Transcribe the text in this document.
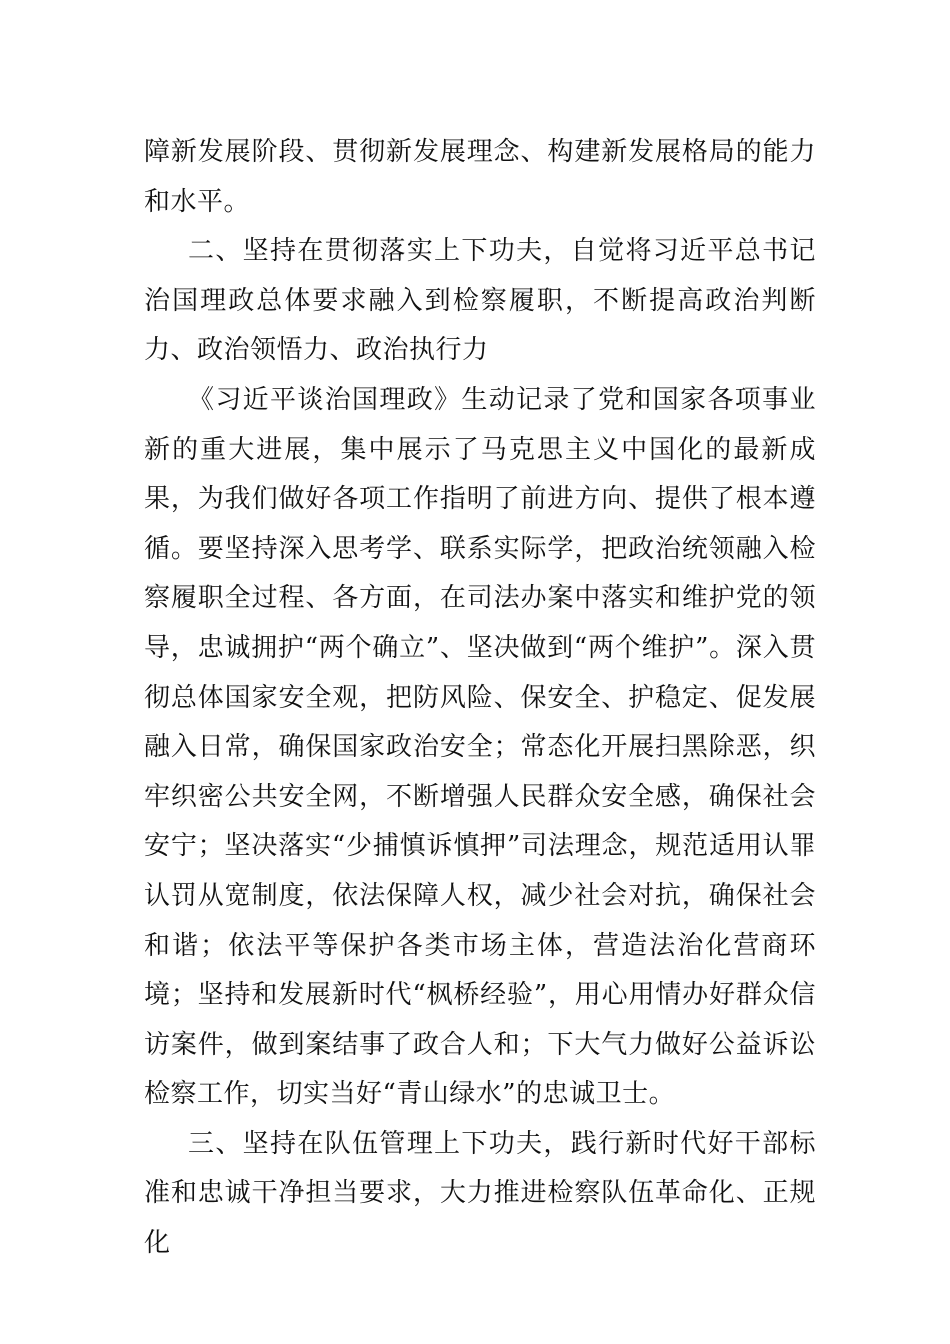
障新发展阶段、贯彻新发展理念、构建新发展格局的能力和水平。

二、坚持在贯彻落实上下功夫，自觉将习近平总书记治国理政总体要求融入到检察履职，不断提高政治判断力、政治领悟力、政治执行力

《习近平谈治国理政》生动记录了党和国家各项事业新的重大进展，集中展示了马克思主义中国化的最新成果，为我们做好各项工作指明了前进方向、提供了根本遵循。要坚持深入思考学、联系实际学，把政治统领融入检察履职全过程、各方面，在司法办案中落实和维护党的领导，忠诚拥护“两个确立”、坚决做到“两个维护”。深入贯彻总体国家安全观，把防风险、保安全、护稳定、促发展融入日常，确保国家政治安全；常态化开展扫黑除恶，织牢织密公共安全网，不断增强人民群众安全感，确保社会安宁；坚决落实“少捕慎诉慎押”司法理念，规范适用认罪认罚从宽制度，依法保障人权，减少社会对抗，确保社会和谐；依法平等保护各类市场主体，营造法治化营商环境；坚持和发展新时代“枫桥经验”，用心用情办好群众信访案件，做到案结事了政合人和；下大气力做好公益诉讼检察工作，切实当好“青山绿水”的忠诚卫士。

三、坚持在队伍管理上下功夫，践行新时代好干部标准和忠诚干净担当要求，大力推进检察队伍革命化、正规化
